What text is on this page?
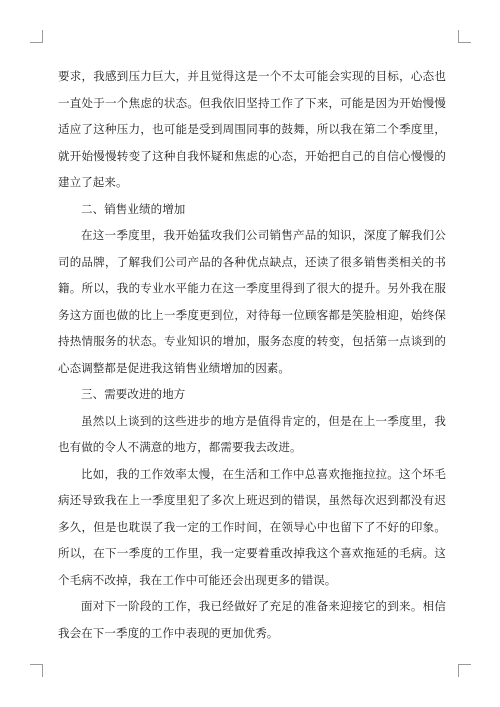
要求，我感到压力巨大，并且觉得这是一个不太可能会实现的目标，心态也一直处于一个焦虑的状态。但我依旧坚持工作了下来，可能是因为开始慢慢适应了这种压力，也可能是受到周围同事的鼓舞，所以我在第二个季度里，就开始慢慢转变了这种自我怀疑和焦虑的心态，开始把自己的自信心慢慢的建立了起来。

二、销售业绩的增加

在这一季度里，我开始猛攻我们公司销售产品的知识，深度了解我们公司的品牌，了解我们公司产品的各种优点缺点，还读了很多销售类相关的书籍。所以，我的专业水平能力在这一季度里得到了很大的提升。另外我在服务这方面也做的比上一季度更到位，对待每一位顾客都是笑脸相迎，始终保持热情服务的状态。专业知识的增加，服务态度的转变，包括第一点谈到的心态调整都是促进我这销售业绩增加的因素。

三、需要改进的地方

虽然以上谈到的这些进步的地方是值得肯定的，但是在上一季度里，我也有做的令人不满意的地方，都需要我去改进。

比如，我的工作效率太慢，在生活和工作中总喜欢拖拖拉拉。这个坏毛病还导致我在上一季度里犯了多次上班迟到的错误，虽然每次迟到都没有迟多久，但是也耽误了我一定的工作时间，在领导心中也留下了不好的印象。所以，在下一季度的工作里，我一定要着重改掉我这个喜欢拖延的毛病。这个毛病不改掉，我在工作中可能还会出现更多的错误。

面对下一阶段的工作，我已经做好了充足的准备来迎接它的到来。相信我会在下一季度的工作中表现的更加优秀。
